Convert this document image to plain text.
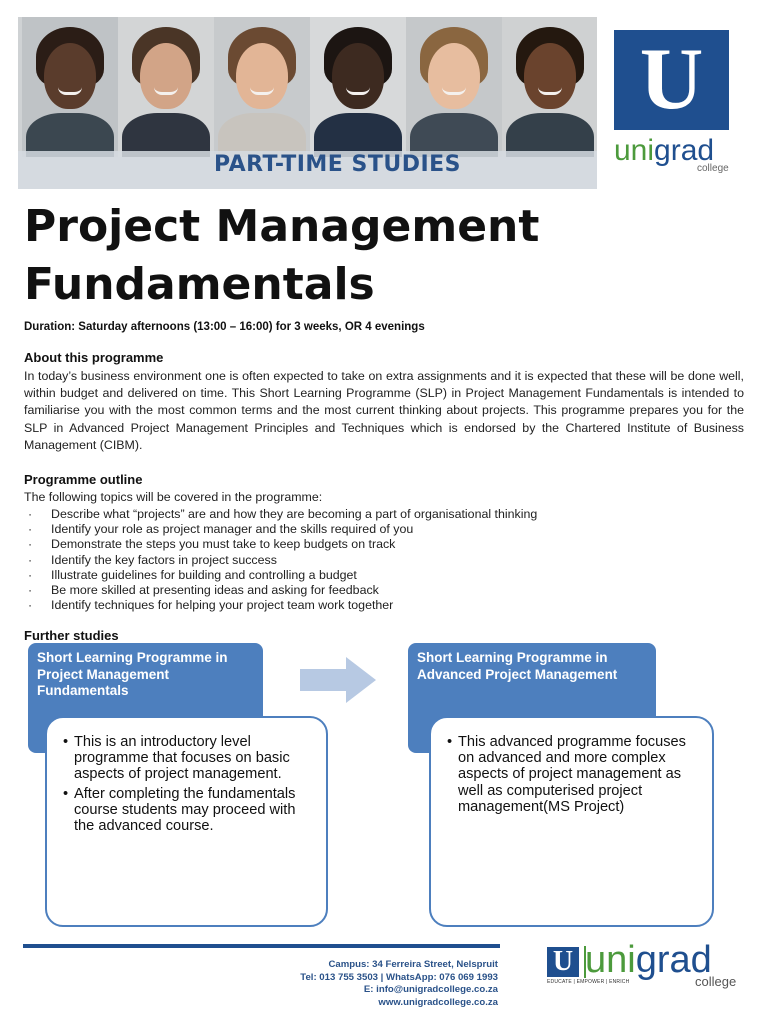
PART-TIME STUDIES
U
unigrad
college
Project Management
Fundamentals
Duration: Saturday afternoons (13:00 – 16:00) for 3 weeks, OR 4 evenings
About this programme

In today’s business environment one is often expected to take on extra assignments and it is expected that these will be done well, within budget and delivered on time. This Short Learning Programme (SLP) in Project Management Fundamentals is intended to familiarise you with the most common terms and the most current thinking about projects. This programme prepares you for the SLP in Advanced Project Management Principles and Techniques which is endorsed by the Chartered Institute of Business Management (CIBM).

Programme outline
The following topics will be covered in the programme:
· Describe what “projects” are and how they are becoming a part of organisational thinking
· Identify your role as project manager and the skills required of you
· Demonstrate the steps you must take to keep budgets on track
· Identify the key factors in project success
· Illustrate guidelines for building and controlling a budget
· Be more skilled at presenting ideas and asking for feedback
· Identify techniques for helping your project team work together
Further studies
Short Learning Programme in Project Management Fundamentals
• This is an introductory level programme that focuses on basic aspects of project management.
• After completing the fundamentals course students may proceed with the advanced course.
Short Learning Programme in Advanced Project Management
• This advanced programme focuses on advanced and more complex aspects of project management as well as computerised project management(MS Project)
Campus: 34 Ferreira Street, Nelspruit
Tel: 013 755 3503 | WhatsApp: 076 069 1993
E: info@unigradcollege.co.za
www.unigradcollege.co.za
U unigrad
EDUCATE | EMPOWER | ENRICH	college
